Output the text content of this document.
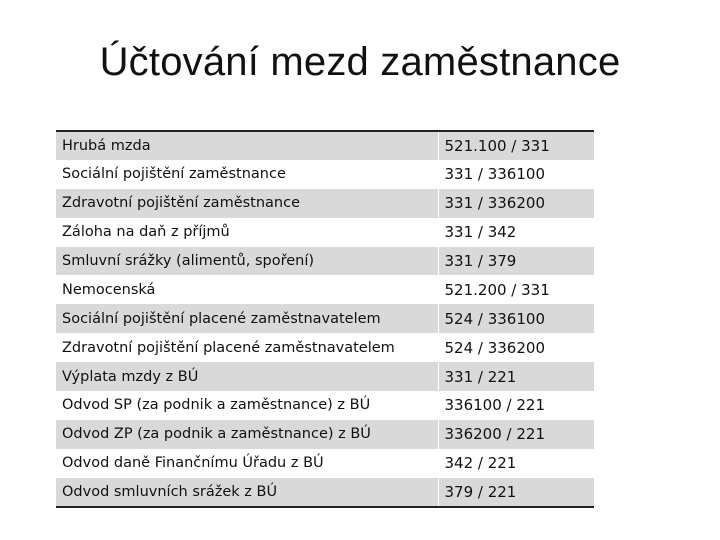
Účtování mezd zaměstnance
Hrubá mzda	521.100 / 331
Sociální pojištění zaměstnance	331 / 336100
Zdravotní pojištění zaměstnance	331 / 336200
Záloha na daň z příjmů	331 / 342
Smluvní srážky (alimentů, spoření)	331 / 379
Nemocenská	521.200 / 331
Sociální pojištění placené zaměstnavatelem	524 / 336100
Zdravotní pojištění placené zaměstnavatelem	524 / 336200
Výplata mzdy z BÚ	331 / 221
Odvod SP (za podnik a zaměstnance) z BÚ	336100 / 221
Odvod ZP (za podnik a zaměstnance) z BÚ	336200 / 221
Odvod daně Finančnímu Úřadu z BÚ	342 / 221
Odvod smluvních srážek z BÚ	379 / 221
